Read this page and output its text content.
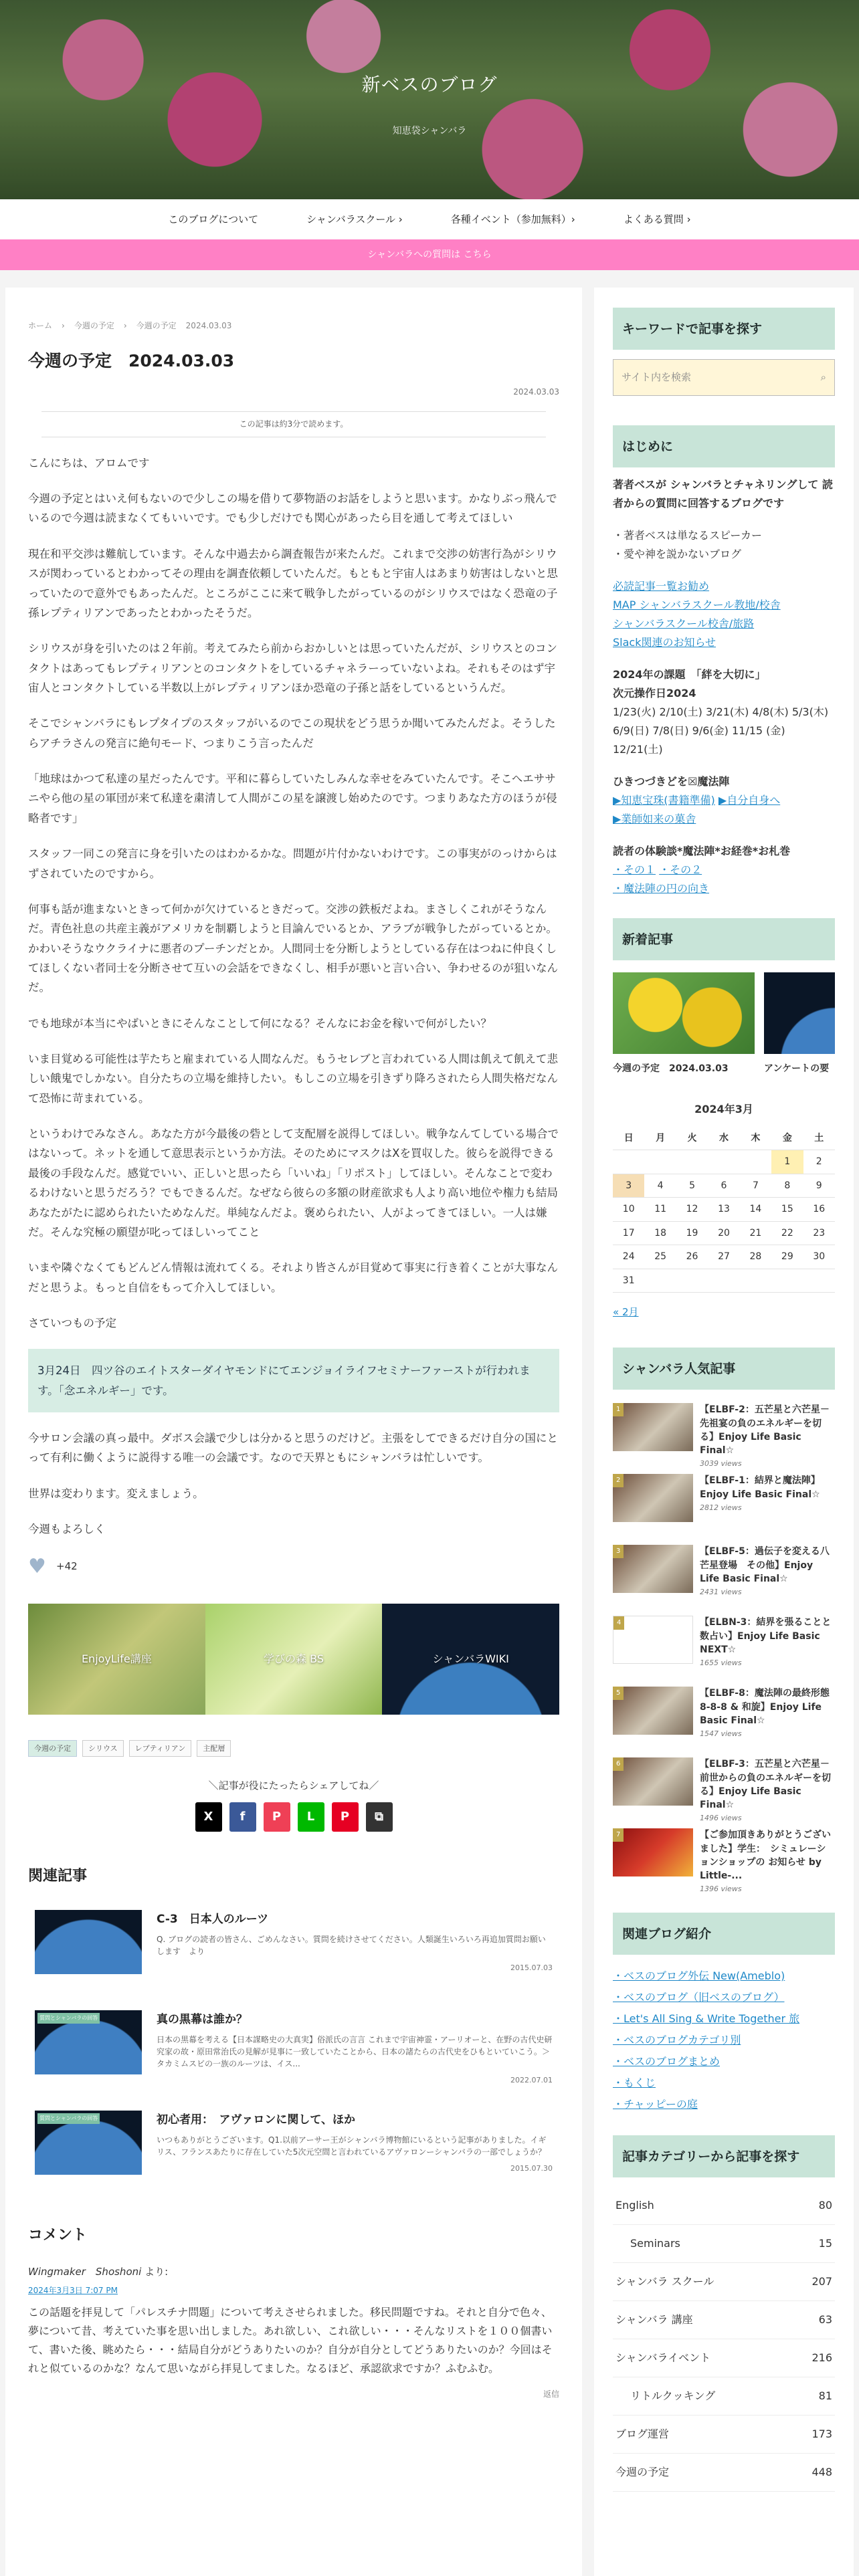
新ベスのブログ
知恵袋シャンバラ
このブログについて	シャンバラスクール ›	各種イベント（参加無料）›	よくある質問 ›
シャンバラへの質問は こちら
ホーム › 今週の予定 › 今週の予定 2024.03.03
今週の予定　2024.03.03
2024.03.03
この記事は約3分で読めます。

こんにちは、アロムです

今週の予定とはいえ何もないので少しこの場を借りて夢物語のお話をしようと思います。かなりぶっ飛んでいるので今週は読まなくてもいいです。でも少しだけでも関心があったら目を通して考えてほしい

現在和平交渉は難航しています。そんな中過去から調査報告が来たんだ。これまで交渉の妨害行為がシリウスが関わっているとわかってその理由を調査依頼していたんだ。もともと宇宙人はあまり妨害はしないと思っていたので意外でもあったんだ。ところがここに来て戦争したがっているのがシリウスではなく恐竜の子孫レプティリアンであったとわかったそうだ。

シリウスが身を引いたのは２年前。考えてみたら前からおかしいとは思っていたんだが、シリウスとのコンタクトはあってもレプティリアンとのコンタクトをしているチャネラーっていないよね。それもそのはず宇宙人とコンタクトしている半数以上がレプティリアンほか恐竜の子孫と話をしているというんだ。

そこでシャンバラにもレプタイプのスタッフがいるのでこの現状をどう思うか聞いてみたんだよ。そうしたらアチラさんの発言に絶句モード、つまりこう言ったんだ

「地球はかつて私達の星だったんです。平和に暮らしていたしみんな幸せをみていたんです。そこへエササニやら他の星の軍団が来て私達を粛清して人間がこの星を譲渡し始めたのです。つまりあなた方のほうが侵略者です」

スタッフ一同この発言に身を引いたのはわかるかな。問題が片付かないわけです。この事実がのっけからはずされていたのですから。

何事も話が進まないときって何かが欠けているときだって。交渉の鉄板だよね。まさしくこれがそうなんだ。青色社息の共産主義がアメリカを制覇しようと目論んでいるとか、アラブが戦争したがっているとか。かわいそうなウクライナに悪者のプーチンだとか。人間同士を分断しようとしている存在はつねに仲良くしてほしくない者同士を分断させて互いの会話をできなくし、相手が悪いと言い合い、争わせるのが狙いなんだ。

でも地球が本当にやばいときにそんなことして何になる？そんなにお金を稼いで何がしたい？

いま目覚める可能性は芋たちと雇まれている人間なんだ。もうセレブと言われている人間は飢えて飢えて悲しい餓鬼でしかない。自分たちの立場を維持したい。もしこの立場を引きずり降ろされたら人間失格だなんて恐怖に苛まれている。

というわけでみなさん。あなた方が今最後の砦として支配層を説得してほしい。戦争なんてしている場合ではないって。ネットを通して意思表示というか方法。そのためにマスクはXを買収した。彼らを説得できる最後の手段なんだ。感覚でいい、正しいと思ったら「いいね」「リポスト」してほしい。そんなことで変わるわけないと思うだろう？でもできるんだ。なぜなら彼らの多額の財産欲求も人より高い地位や権力も結局あなたがたに認められたいためなんだ。単純なんだよ。褒められたい、人がよってきてほしい。一人は嫌だ。そんな究極の願望が叱ってほしいってこと

いまや隣ぐなくてもどんどん情報は流れてくる。それより皆さんが目覚めて事実に行き着くことが大事なんだと思うよ。もっと自信をもって介入してほしい。

さていつもの予定

3月24日　四ツ谷のエイトスターダイヤモンドにてエンジョイライフセミナーファーストが行われます。「念エネルギー」です。

今サロン会議の真っ最中。ダボス会議で少しは分かると思うのだけど。主張をしてできるだけ自分の国にとって有利に働くように説得する唯一の会議です。なので天界ともにシャンバラは忙しいです。

世界は変わります。変えましょう。

今週もよろしく

♥ +42
EnjoyLife講座	学びの森 BS	シャンバラWIKI
今週の予定	シリウス	レプティリアン	主配層
＼記事が役にたったらシェアしてね／
X	f	P	L	P	⧉
関連記事
C-3　日本人のルーツ
Q. ブログの読者の皆さん、ごめんなさい。質問を続けさせてください。人類誕生いろいろ再追加質問お願いします　より
2015.07.03
質問とシャンバラの回答	真の黒幕は誰か？
日本の黒幕を考える【日本謀略史の大真実】俗派氏の言言 これまで宇宙神霊・アーリオーと、在野の古代史研究家の故・原田常治氏の見解が見事に一致していたことから、日本の諸たらの古代史をひもといていこう。＞タカミムスビの一族のルーツは、イス...
2022.07.01
質問とシャンバラの回答	初心者用：　アヴァロンに関して、ほか
いつもありがとうございます。Q1.以前アーサー王がシャンバラ博物館にいるという記事がありました。イギリス、フランスあたりに存在していた5次元空間と言われているアヴァロンーシャンバラの一部でしょうか？
2015.07.30
コメント
Wingmaker　Shoshoni より:
2024年3月3日 7:07 PM
この話題を拝見して「パレスチナ問題」について考えさせられました。移民問題ですね。それと自分で色々、夢について昔、考えていた事を思い出しました。あれ欲しい、これ欲しい・・・そんなリストを１００個書いて、書いた後、眺めたら・・・結局自分がどうありたいのか？自分が自分としてどうありたいのか？今回はそれと似ているのかな？なんて思いながら拝見してました。なるほど、承認欲求ですか？ふむふむ。
返信
キーワードで記事を探す
サイト内を検索	⌕
はじめに
著者ベスが シャンバラとチャネリングして 読者からの質問に回答するブログです
・著者ベスは単なるスピーカー
・愛や神を説かないブログ
必読記事一覧お勧め
MAP シャンバラスクール教地/校舎
シャンバラスクール校舎/旅路
Slack関連のお知らせ
2024年の課題　「絆を大切に」
次元操作日2024
1/23(火) 2/10(土) 3/21(木) 4/8(木) 5/3(木) 6/9(日) 7/8(日) 9/6(金) 11/15 (金) 12/21(土)
ひきつづきどを☒魔法陣
▶知恵宝珠(書籍準備) ▶自分自身へ
▶業師如来の菓舎
読者の体験談*魔法陣*お経巻*お札巻
・その１ ・その２
・魔法陣の円の向き
新着記事
今週の予定　2024.03.03	アンケートの要
2024年3月
日	月	火	水	木	金	土
					1	2
3	4	5	6	7	8	9
10	11	12	13	14	15	16
17	18	19	20	21	22	23
24	25	26	27	28	29	30
31						
« 2月
シャンバラ人気記事
1	【ELBF-2：五芒星と六芒星－先祖宴の負のエネルギーを切る】Enjoy Life Basic Final☆
3039 views
2	【ELBF-1：結界と魔法陣】Enjoy Life Basic Final☆
2812 views
3	【ELBF-5：過伝子を変える八芒星登場　その他】Enjoy Life Basic Final☆
2431 views
4	【ELBN-3：結界を張ることと数占い】Enjoy Life Basic NEXT☆
1655 views
5	【ELBF-8：魔法陣の最終形態 8-8-8 & 和旋】Enjoy Life Basic Final☆
1547 views
6	【ELBF-3：五芒星と六芒星－前世からの負のエネルギーを切る】Enjoy Life Basic Final☆
1496 views
7	【ご参加頂きありがとうございました】学生：　シミュレーションショップの お知らせ by Little-...
1396 views
関連ブログ紹介
・ベスのブログ外伝 New(Ameblo)
・ベスのブログ（旧ベスのブログ）
・Let's All Sing & Write Together 旅
・ベスのブログカテゴリ別
・ベスのブログまとめ
・もくじ
・チャッピーの庭
記事カテゴリーから記事を探す
English	80
Seminars	15
シャンバラ スクール	207
シャンバラ 講座	63
シャンバライベント	216
リトルクッキング	81
ブログ運営	173
今週の予定	448
